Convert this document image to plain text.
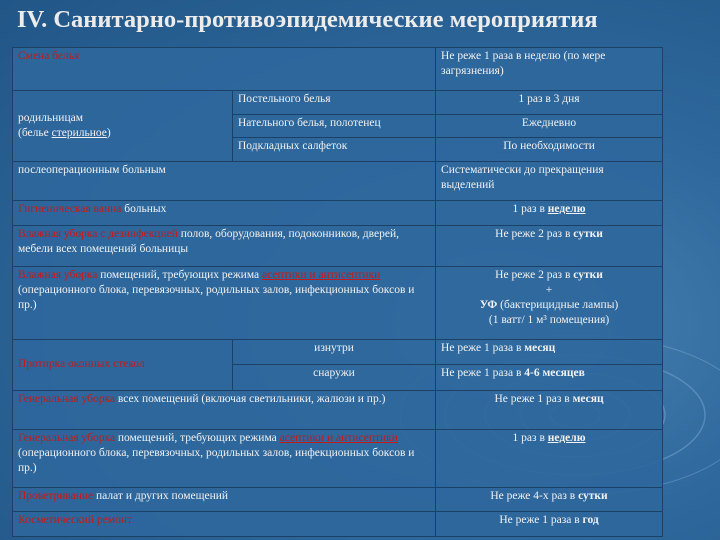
IV. Санитарно-противоэпидемические мероприятия
Смена белья		Не реже 1 раза в неделю (по мере загрязнения)
родильницам
(белье стерильное)	Постельного белья	1 раз в 3 дня
	Нательного белья, полотенец	Ежедневно
	Подкладных салфеток	По необходимости
послеоперационным больным		Систематически до прекращения выделений
Гигиеническая ванна больных		1 раз в неделю
Влажная уборка с дезинфекцией полов, оборудования, подоконников, дверей, мебели всех помещений больницы		Не реже 2 раз в сутки
Влажная уборка помещений, требующих режима асептики и антисептики (операционного блока, перевязочных, родильных залов, инфекционных боксов и пр.)		Не реже 2 раз в сутки
+
УФ (бактерицидные лампы)
(1 ватт/ 1 м³ помещения)
Протирка оконных стекол	изнутри	Не реже 1 раза в месяц
	снаружи	Не реже 1 раза в 4-6 месяцев
Генеральная уборка всех помещений (включая светильники, жалюзи и пр.)		Не реже 1 раз в месяц
Генеральная уборка помещений, требующих режима асептики и антисептики (операционного блока, перевязочных, родильных залов, инфекционных боксов и пр.)		1 раз в неделю
Проветривание палат и других помещений		Не реже 4-х раз в сутки
Косметический ремонт		Не реже 1 раза в год
